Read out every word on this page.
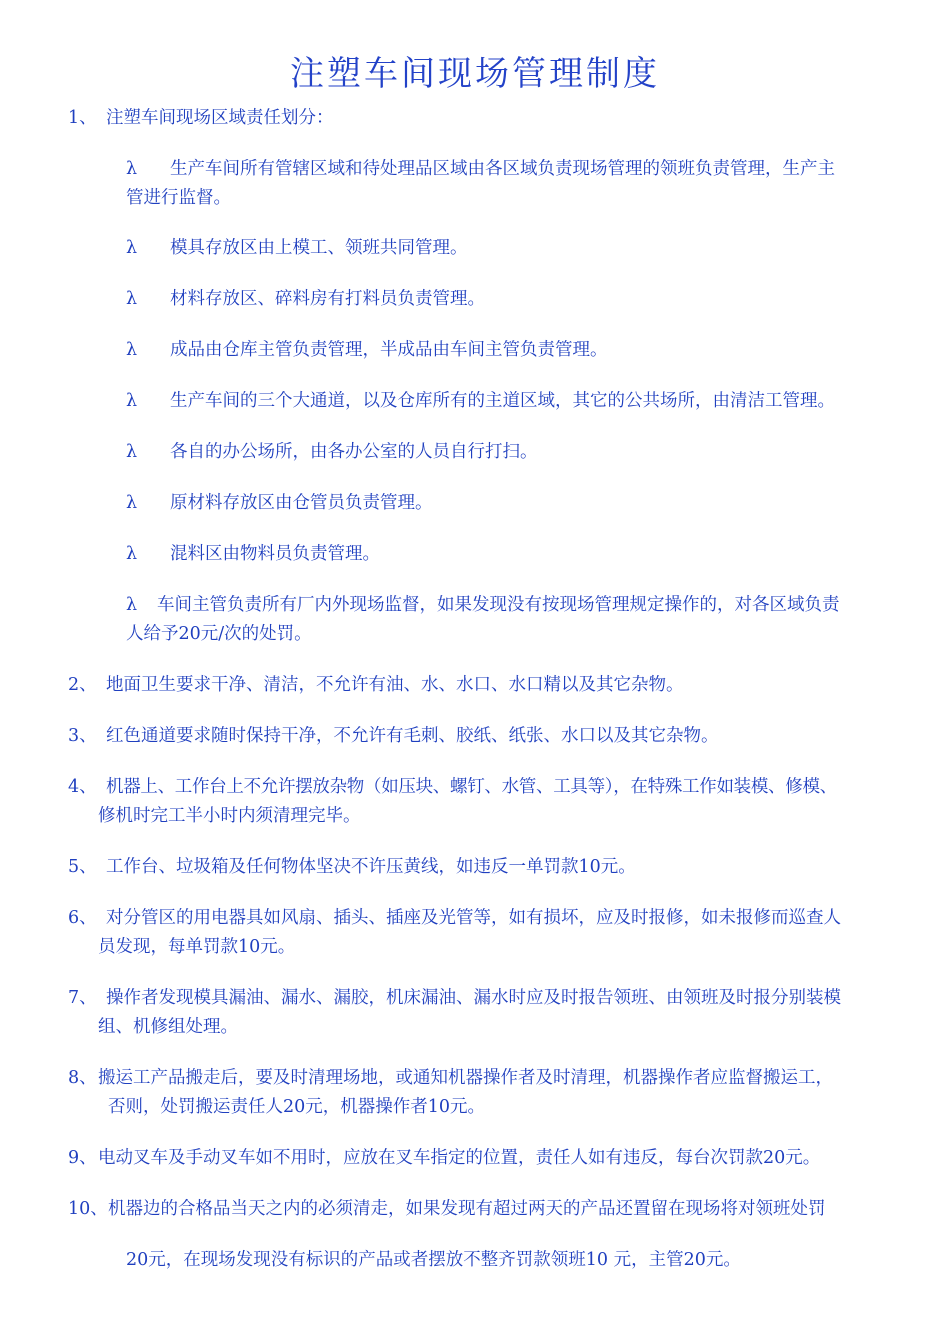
注塑车间现场管理制度
1、 注塑车间现场区域责任划分：
λ 生产车间所有管辖区域和待处理品区域由各区域负责现场管理的领班负责管理，生产主
管进行监督。
λ 模具存放区由上模工、领班共同管理。
λ 材料存放区、碎料房有打料员负责管理。
λ 成品由仓库主管负责管理，半成品由车间主管负责管理。
λ 生产车间的三个大通道，以及仓库所有的主道区域，其它的公共场所，由清洁工管理。
λ 各自的办公场所，由各办公室的人员自行打扫。
λ 原材料存放区由仓管员负责管理。
λ 混料区由物料员负责管理。
λ 车间主管负责所有厂内外现场监督，如果发现没有按现场管理规定操作的，对各区域负责
人给予20元/次的处罚。
2、 地面卫生要求干净、清洁，不允许有油、水、水口、水口精以及其它杂物。
3、 红色通道要求随时保持干净，不允许有毛刺、胶纸、纸张、水口以及其它杂物。
4、 机器上、工作台上不允许摆放杂物（如压块、螺钉、水管、工具等），在特殊工作如装模、修模、
修机时完工半小时内须清理完毕。
5、 工作台、垃圾箱及任何物体坚决不许压黄线，如违反一单罚款10元。
6、 对分管区的用电器具如风扇、插头、插座及光管等，如有损坏，应及时报修，如未报修而巡查人
员发现，每单罚款10元。
7、 操作者发现模具漏油、漏水、漏胶，机床漏油、漏水时应及时报告领班、由领班及时报分别装模
组、机修组处理。
8、搬运工产品搬走后，要及时清理场地，或通知机器操作者及时清理，机器操作者应监督搬运工，
否则，处罚搬运责任人20元，机器操作者10元。
9、电动叉车及手动叉车如不用时，应放在叉车指定的位置，责任人如有违反，每台次罚款20元。
10、机器边的合格品当天之内的必须清走，如果发现有超过两天的产品还置留在现场将对领班处罚
20元，在现场发现没有标识的产品或者摆放不整齐罚款领班10 元，主管20元。
